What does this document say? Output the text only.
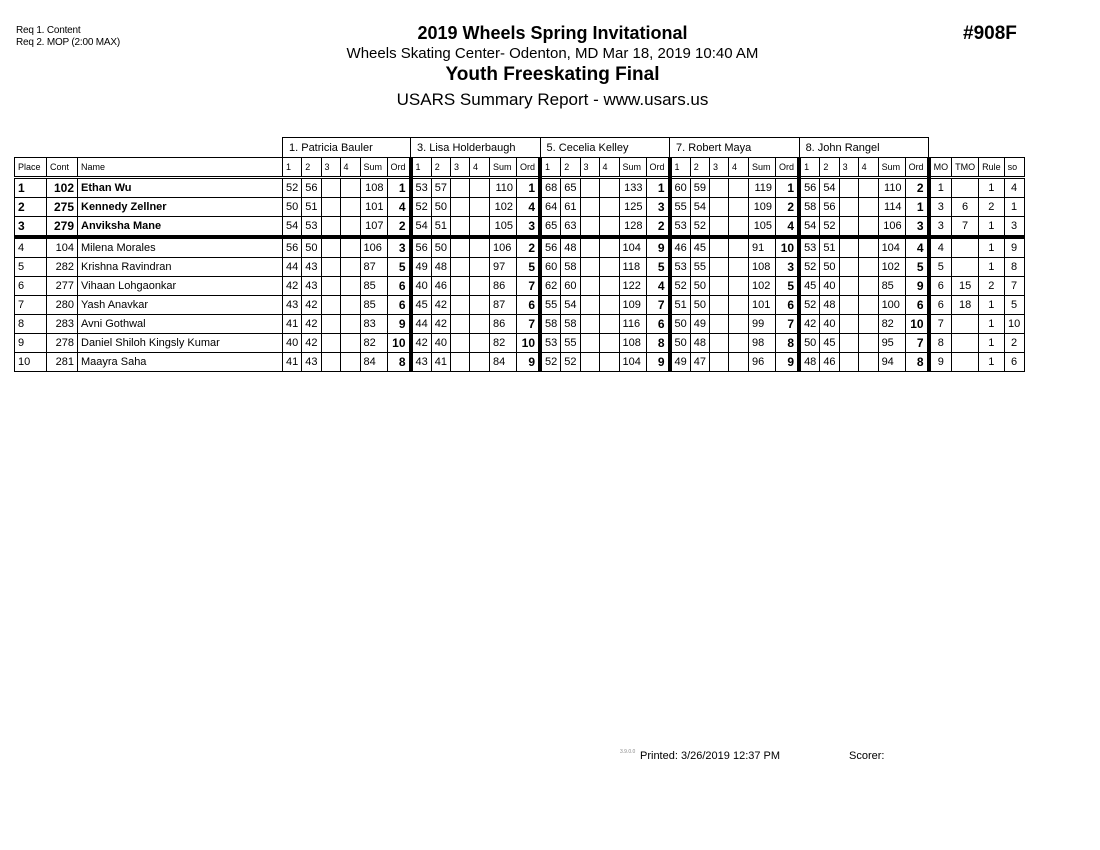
Req 1. Content
Req 2. MOP (2:00 MAX)	2019 Wheels Spring Invitational
Wheels Skating Center- Odenton, MD Mar 18, 2019 10:40 AM
Youth Freeskating Final
USARS Summary Report - www.usars.us
#908F
			1. Patricia Bauler						3. Lisa Holderbaugh						5. Cecelia Kelley						7. Robert Maya						8. John Rangel									
Place	Cont	Name	1	2	3	4	Sum	Ord	1	2	3	4	Sum	Ord	1	2	3	4	Sum	Ord	1	2	3	4	Sum	Ord	1	2	3	4	Sum	Ord	MO	TMO	Rule	so
1	102	Ethan Wu	52	56			108	1	53	57			110	1	68	65			133	1	60	59			119	1	56	54			110	2	1		1	4
2	275	Kennedy Zellner	50	51			101	4	52	50			102	4	64	61			125	3	55	54			109	2	58	56			114	1	3	6	2	1
3	279	Anviksha Mane	54	53			107	2	54	51			105	3	65	63			128	2	53	52			105	4	54	52			106	3	3	7	1	3
4	104	Milena Morales	56	50			106	3	56	50			106	2	56	48			104	9	46	45			91	10	53	51			104	4	4		1	9
5	282	Krishna Ravindran	44	43			87	5	49	48			97	5	60	58			118	5	53	55			108	3	52	50			102	5	5		1	8
6	277	Vihaan Lohgaonkar	42	43			85	6	40	46			86	7	62	60			122	4	52	50			102	5	45	40			85	9	6	15	2	7
7	280	Yash Anavkar	43	42			85	6	45	42			87	6	55	54			109	7	51	50			101	6	52	48			100	6	6	18	1	5
8	283	Avni Gothwal	41	42			83	9	44	42			86	7	58	58			116	6	50	49			99	7	42	40			82	10	7		1	10
9	278	Daniel Shiloh Kingsly Kumar	40	42			82	10	42	40			82	10	53	55			108	8	50	48			98	8	50	45			95	7	8		1	2
10	281	Maayra Saha	41	43			84	8	43	41			84	9	52	52			104	9	49	47			96	9	48	46			94	8	9		1	6
3.9.0.0 Printed: 3/26/2019 12:37 PM	Scorer:
